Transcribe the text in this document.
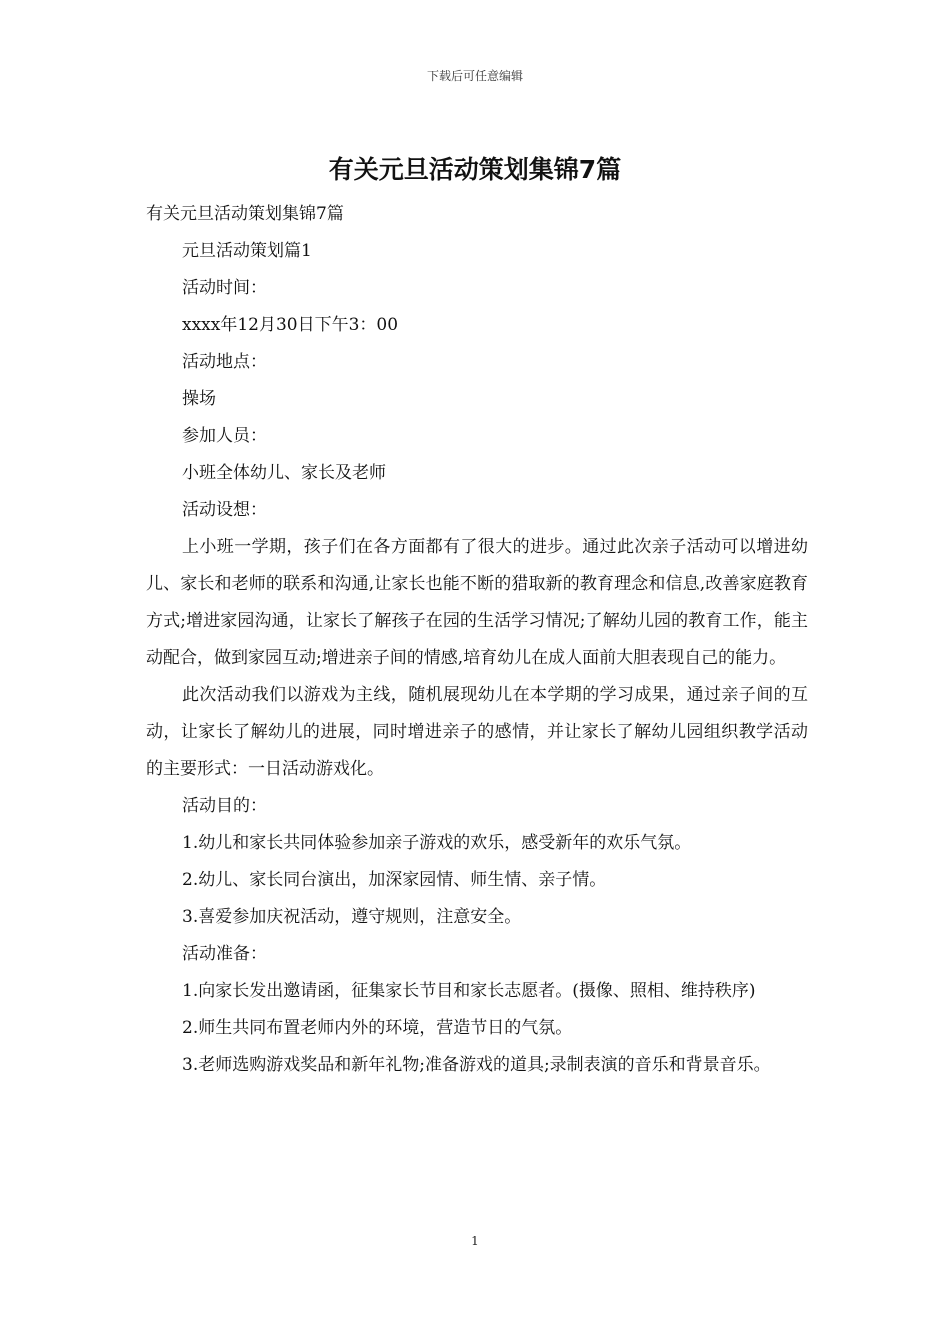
下载后可任意编辑
有关元旦活动策划集锦7篇

有关元旦活动策划集锦7篇

元旦活动策划篇1

活动时间：

xxxx年12月30日下午3：00

活动地点：

操场

参加人员：

小班全体幼儿、家长及老师

活动设想：

上小班一学期，孩子们在各方面都有了很大的进步。通过此次亲子活动可以增进幼儿、家长和老师的联系和沟通,让家长也能不断的猎取新的教育理念和信息,改善家庭教育方式;增进家园沟通，让家长了解孩子在园的生活学习情况;了解幼儿园的教育工作，能主动配合，做到家园互动;增进亲子间的情感,培育幼儿在成人面前大胆表现自己的能力。

此次活动我们以游戏为主线，随机展现幼儿在本学期的学习成果，通过亲子间的互动，让家长了解幼儿的进展，同时增进亲子的感情，并让家长了解幼儿园组织教学活动的主要形式：一日活动游戏化。

活动目的：

1.幼儿和家长共同体验参加亲子游戏的欢乐，感受新年的欢乐气氛。

2.幼儿、家长同台演出，加深家园情、师生情、亲子情。

3.喜爱参加庆祝活动，遵守规则，注意安全。

活动准备：

1.向家长发出邀请函，征集家长节目和家长志愿者。(摄像、照相、维持秩序)

2.师生共同布置老师内外的环境，营造节日的气氛。

3.老师选购游戏奖品和新年礼物;准备游戏的道具;录制表演的音乐和背景音乐。

1
